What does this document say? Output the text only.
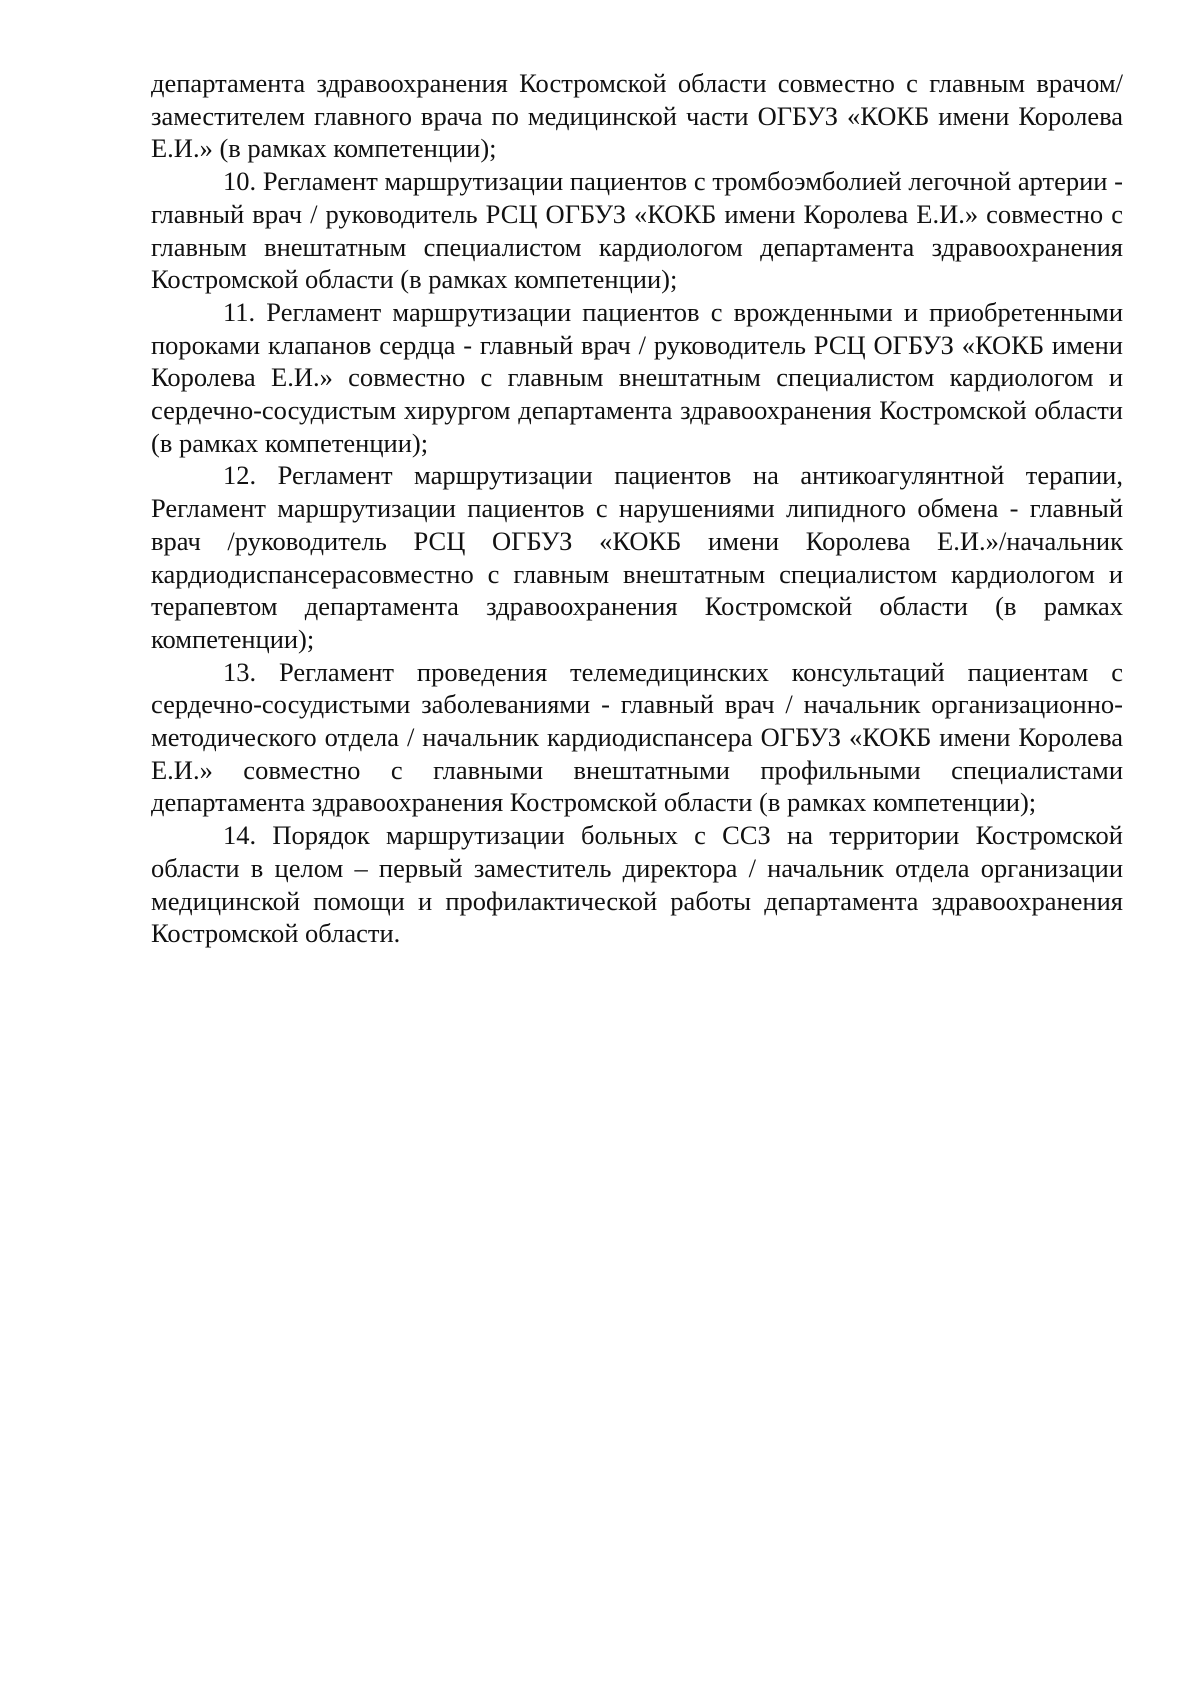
департамента здравоохранения Костромской области совместно с главным врачом/заместителем главного врача по медицинской части ОГБУЗ «КОКБ имени Королева Е.И.» (в рамках компетенции);

10. Регламент маршрутизации пациентов с тромбоэмболией легочной артерии - главный врач / руководитель РСЦ ОГБУЗ «КОКБ имени Королева Е.И.» совместно с главным внештатным специалистом кардиологом департамента здравоохранения Костромской области (в рамках компетенции);

11. Регламент маршрутизации пациентов с врожденными и приобретенными пороками клапанов сердца - главный врач / руководитель РСЦ ОГБУЗ «КОКБ имени Королева Е.И.» совместно с главным внештатным специалистом кардиологом и сердечно-сосудистым хирургом департамента здравоохранения Костромской области (в рамках компетенции);

12. Регламент маршрутизации пациентов на антикоагулянтной терапии, Регламент маршрутизации пациентов с нарушениями липидного обмена - главный врач /руководитель РСЦ ОГБУЗ «КОКБ имени Королева Е.И.»/начальник кардиодиспансерасовместно с главным внештатным специалистом кардиологом и терапевтом департамента здравоохранения Костромской области (в рамках компетенции);

13. Регламент проведения телемедицинских консультаций пациентам с сердечно-сосудистыми заболеваниями - главный врач / начальник организационно-методического отдела / начальник кардиодиспансера ОГБУЗ «КОКБ имени Королева Е.И.» совместно с главными внештатными профильными специалистами департамента здравоохранения Костромской области (в рамках компетенции);

14. Порядок маршрутизации больных с ССЗ на территории Костромской области в целом – первый заместитель директора / начальник отдела организации медицинской помощи и профилактической работы департамента здравоохранения Костромской области.
